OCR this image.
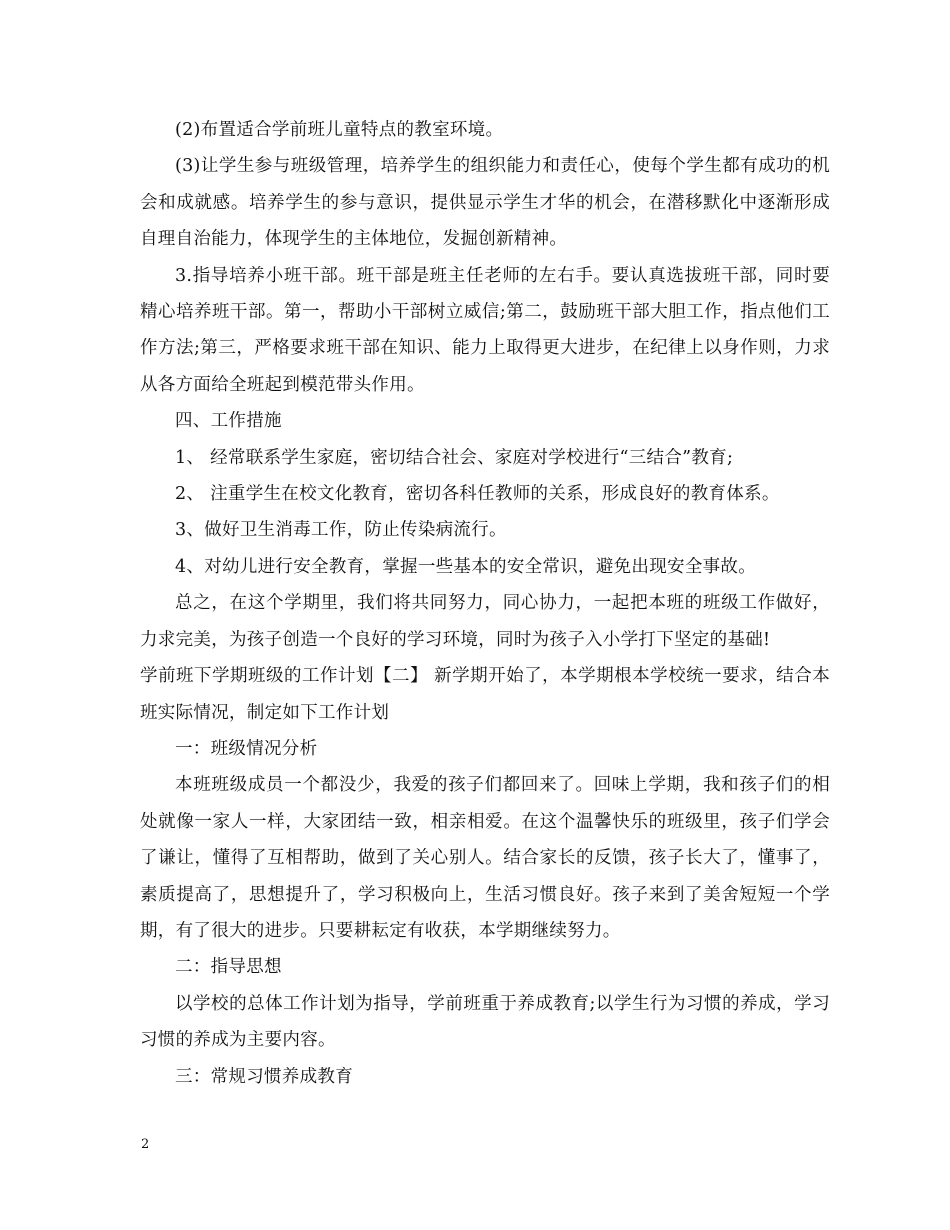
(2)布置适合学前班儿童特点的教室环境。

(3)让学生参与班级管理，培养学生的组织能力和责任心，使每个学生都有成功的机会和成就感。培养学生的参与意识，提供显示学生才华的机会，在潜移默化中逐渐形成自理自治能力，体现学生的主体地位，发掘创新精神。

3.指导培养小班干部。班干部是班主任老师的左右手。要认真选拔班干部，同时要精心培养班干部。第一，帮助小干部树立威信;第二，鼓励班干部大胆工作，指点他们工作方法;第三，严格要求班干部在知识、能力上取得更大进步，在纪律上以身作则，力求从各方面给全班起到模范带头作用。

四、工作措施

1、 经常联系学生家庭，密切结合社会、家庭对学校进行“三结合”教育;

2、 注重学生在校文化教育，密切各科任教师的关系，形成良好的教育体系。

3、做好卫生消毒工作，防止传染病流行。

4、对幼儿进行安全教育，掌握一些基本的安全常识，避免出现安全事故。

总之，在这个学期里，我们将共同努力，同心协力，一起把本班的班级工作做好，力求完美，为孩子创造一个良好的学习环境，同时为孩子入小学打下坚定的基础!

学前班下学期班级的工作计划【二】 新学期开始了，本学期根本学校统一要求，结合本班实际情况，制定如下工作计划

一：班级情况分析

本班班级成员一个都没少，我爱的孩子们都回来了。回味上学期，我和孩子们的相处就像一家人一样，大家团结一致，相亲相爱。在这个温馨快乐的班级里，孩子们学会了谦让，懂得了互相帮助，做到了关心别人。结合家长的反馈，孩子长大了，懂事了，素质提高了，思想提升了，学习积极向上，生活习惯良好。孩子来到了美舍短短一个学期，有了很大的进步。只要耕耘定有收获，本学期继续努力。

二：指导思想

以学校的总体工作计划为指导，学前班重于养成教育;以学生行为习惯的养成，学习习惯的养成为主要内容。

三：常规习惯养成教育

2
